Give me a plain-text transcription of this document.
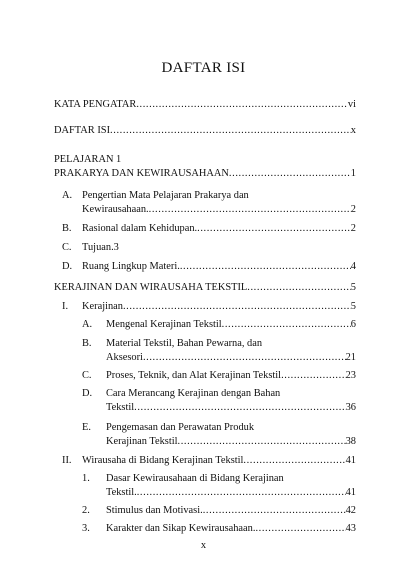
DAFTAR ISI
KATA PENGATAR .....	vi
DAFTAR ISI .....	x
PELAJARAN 1
PRAKARYA DAN KEWIRAUSAHAAN .....	1
A. Pengertian Mata Pelajaran Prakarya dan
Kewirausahaan. .....	2
B. Rasional dalam Kehidupan. .....	2
C. Tujuan.3
D. Ruang Lingkup Materi. .....	4
KERAJINAN DAN WIRAUSAHA TEKSTIL .....	5
I. Kerajinan .....	5
A. Mengenal Kerajinan Tekstil .....	6
B. Material Tekstil, Bahan Pewarna, dan
Aksesori .....	21
C. Proses, Teknik, dan Alat Kerajinan Tekstil .....	23
D. Cara Merancang Kerajinan dengan Bahan
Tekstil .....	36
E. Pengemasan dan Perawatan Produk
Kerajinan Tekstil .....	38
II. Wirausaha di Bidang Kerajinan Tekstil .....	41
1. Dasar Kewirausahaan di Bidang Kerajinan
Tekstil. .....	41
2. Stimulus dan Motivasi. .....	42
3. Karakter dan Sikap Kewirausahaan. .....	43
x
